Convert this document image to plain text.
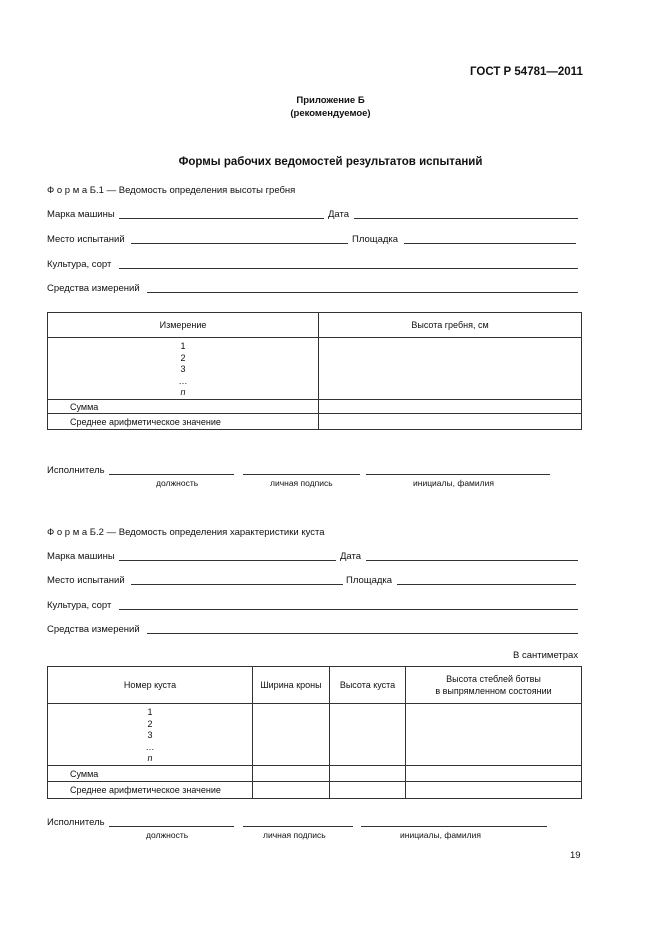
ГОСТ Р 54781—2011
Приложение Б
(рекомендуемое)
Формы рабочих ведомостей результатов испытаний
Ф о р м а Б.1 — Ведомость определения высоты гребня
Марка машины	Дата
Место испытаний	Площадка
Культура, сорт
Средства измерений
Измерение	Высота гребня, см

1
2
3
…
n	

Сумма	
Среднее арифметическое значение	
Исполнитель
должность	личная подпись	инициалы, фамилия
Ф о р м а Б.2 — Ведомость определения характеристики куста
Марка машины	Дата
Место испытаний	Площадка
Культура, сорт
Средства измерений
В сантиметрах
Номер куста	Ширина кроны	Высота куста	Высота стеблей ботвы
в выпрямленном состоянии

1
2
3
…
n			

Сумма			
Среднее арифметическое значение			
Исполнитель
должность	личная подпись	инициалы, фамилия
19
